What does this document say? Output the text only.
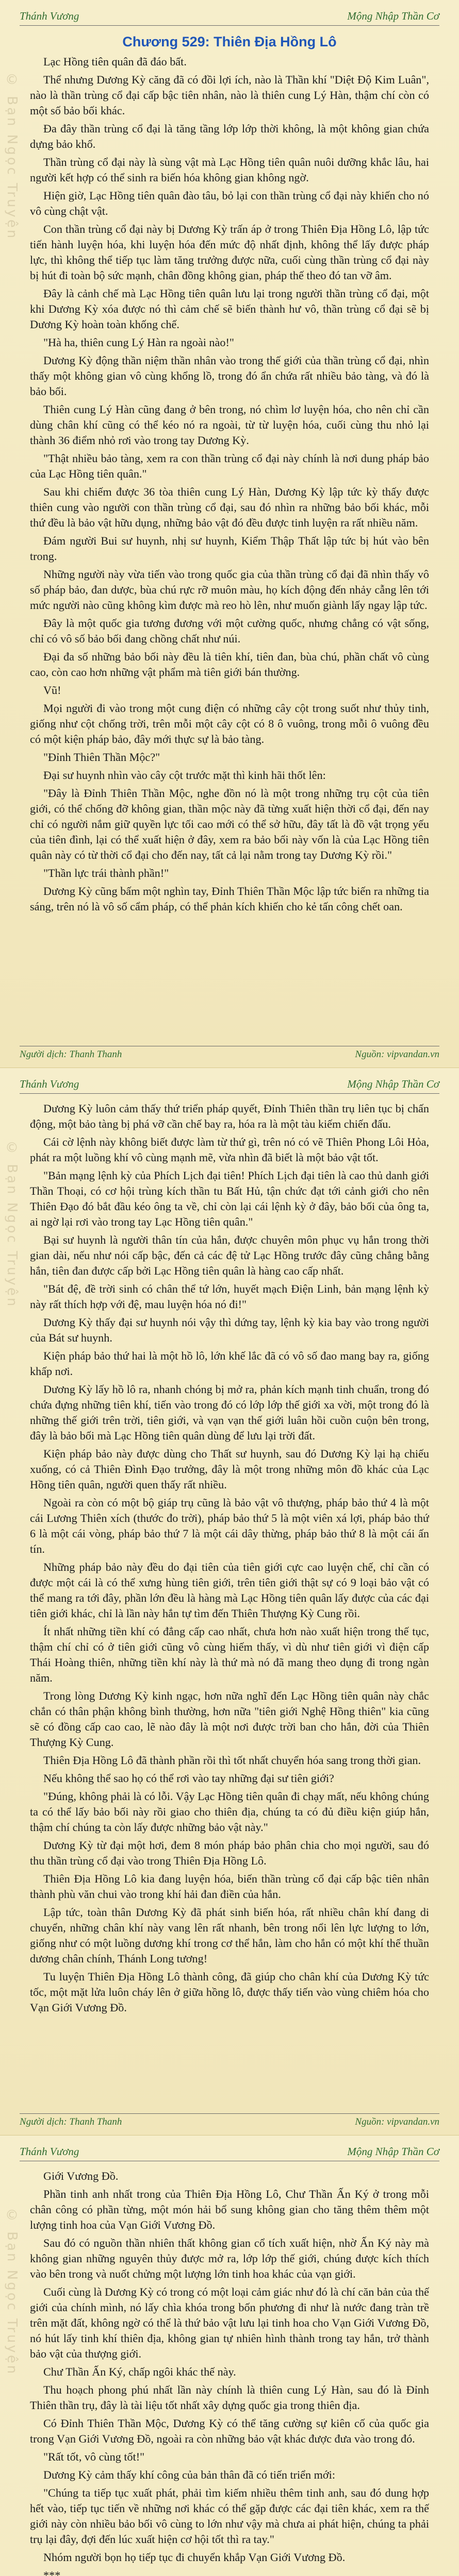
© Bạn Ngọc Truyện
Thánh Vương	Mộng Nhập Thần Cơ
Chương 529: Thiên Địa Hồng Lô

Lạc Hồng tiên quân đã đáo bất.

Thể nhưng Dương Kỳ căng đã có đồi lợi ích, nào là Thần khí "Diệt Độ Kim Luân", nào là thần trùng cổ đại cấp bậc tiên nhân, nào là thiên cung Lý Hàn, thậm chí còn có một số bảo bối khác.

Đa đây thần trùng cổ đại là tăng tầng lớp lớp thời không, là một không gian chứa dựng bảo khố.

Thần trùng cổ đại này là sùng vật mà Lạc Hồng tiên quân nuôi dưỡng khắc lâu, hai người kết hợp có thể sinh ra biến hóa không gian không ngờ.

Hiện giờ, Lạc Hồng tiên quân đào tâu, bỏ lại con thần trùng cổ đại này khiến cho nó vô cùng chật vật.

Con thần trùng cổ đại này bị Dương Kỳ trấn áp ở trong Thiên Địa Hồng Lô, lập tức tiến hành luyện hóa, khi luyện hóa đến mức độ nhất định, không thể lấy được pháp lực, thì không thể tiếp tục làm tăng trưởng được nữa, cuối cùng thần trùng cổ đại này bị hút đi toàn bộ sức mạnh, chân đồng không gian, pháp thế theo đó tan vỡ âm.

Đây là cảnh chế mà Lạc Hồng tiên quân lưu lại trong người thần trùng cổ đại, một khi Dương Kỳ xóa được nó thì cảm chế sẽ biến thành hư vô, thần trùng cổ đại sẽ bị Dương Kỳ hoàn toàn khống chế.

"Hà ha, thiên cung Lý Hàn ra ngoài nào!"

Dương Kỳ động thần niệm thần nhân vào trong thế giới của thần trùng cổ đại, nhìn thấy một không gian vô cùng khổng lồ, trong đó ẩn chứa rất nhiều bảo tàng, và đó là bảo bối.

Thiên cung Lý Hàn cũng đang ở bên trong, nó chìm lơ luyện hóa, cho nên chỉ cần dùng chân khí cũng có thể kéo nó ra ngoài, từ từ luyện hóa, cuối cùng thu nhỏ lại thành 36 điểm nhỏ rơi vào trong tay Dương Kỳ.

"Thật nhiều bảo tàng, xem ra con thần trùng cổ đại này chính là nơi dung pháp bảo của Lạc Hồng tiên quân."

Sau khi chiếm được 36 tòa thiên cung Lý Hàn, Dương Kỳ lập tức kỳ thấy được thiên cung vào người con thần trùng cổ đại, sau đó nhìn ra những bảo bối khác, mỗi thứ đều là bảo vật hữu dụng, những bảo vật đó đều được tinh luyện ra rất nhiều năm.

Đám người Bui sư huynh, nhị sư huynh, Kiểm Thập Thất lập tức bị hút vào bên trong.

Những người này vừa tiến vào trong quốc gia của thần trùng cổ đại đã nhìn thấy vô số pháp bảo, đan dược, bùa chú rực rỡ muôn màu, họ kích động đến nhảy cẫng lên tới mức người nào cũng không kìm được mà reo hò lên, như muốn giành lấy ngay lập tức.

Đây là một quốc gia tương đương với một cường quốc, nhưng chẳng có vật sống, chỉ có vô số bảo bối đang chồng chất như núi.

Đại đa số những bảo bối này đều là tiên khí, tiên đan, bùa chú, phần chất vô cùng cao, còn cao hơn những vật phẩm mà tiên giới bán thường.

Vũ!

Mọi người đi vào trong một cung điện có những cây cột trong suốt như thủy tinh, giống như cột chống trời, trên mỗi một cây cột có 8 ô vuông, trong mỗi ô vuông đều có một kiện pháp bảo, đây mới thực sự là bảo tàng.

"Đỉnh Thiên Thần Mộc?"

Đại sư huynh nhìn vào cây cột trước mặt thì kinh hãi thốt lên:

"Đây là Đỉnh Thiên Thần Mộc, nghe đồn nó là một trong những trụ cột của tiên giới, có thể chống đỡ không gian, thần mộc này đã từng xuất hiện thời cổ đại, đến nay chỉ có người nắm giữ quyền lực tối cao mới có thể sở hữu, đây tất là đồ vật trọng yếu của tiên đình, lại có thể xuất hiện ở đây, xem ra bảo bối này vốn là của Lạc Hồng tiên quân này có từ thời cổ đại cho đến nay, tất cả lại nằm trong tay Dương Kỳ rồi."

"Thần lực trái thành phần!"

Dương Kỳ cũng bấm một nghìn tay, Đỉnh Thiên Thần Mộc lập tức biến ra những tia sáng, trên nó là vô số cẩm pháp, có thể phản kích khiến cho kẻ tấn công chết oan.

Người dịch: Thanh Thanh	Nguồn: vipvandan.vn
© Bạn Ngọc Truyện
Thánh Vương	Mộng Nhập Thần Cơ

Dương Kỳ luôn cảm thấy thứ triển pháp quyết, Đỉnh Thiên thần trụ liên tục bị chấn động, một bảo tàng bị phá vỡ cần chế bay ra, hóa ra là một tàu kiếm chiến đấu.

Cái cờ lệnh này không biết được làm từ thứ gì, trên nó có vẽ Thiên Phong Lôi Hỏa, phát ra một luồng khí vô cùng mạnh mẽ, vừa nhìn đã biết là một bảo vật tốt.

"Bản mạng lệnh kỳ của Phích Lịch đại tiên! Phích Lịch đại tiên là cao thủ danh giới Thần Thoại, có cơ hội trùng kích thần tu Bất Hủ, tận chức đạt tới cảnh giới cho nên Thiên Đạo đó bắt đầu kéo ông ta về, chỉ còn lại cái lệnh kỳ ở đây, bảo bối của ông ta, ai ngờ lại rơi vào trong tay Lạc Hồng tiên quân."

Bại sư huynh là người thân tín của hắn, được chuyên môn phục vụ hắn trong thời gian dài, nếu như nói cấp bậc, đến cả các đệ tử Lạc Hồng trước đây cũng chẳng bằng hắn, tiên đan được cấp bởi Lạc Hồng tiên quân là hàng cao cấp nhất.

"Bát đệ, đề trời sinh có chân thể tứ lớn, huyết mạch Điện Linh, bản mạng lệnh kỳ này rất thích hợp với đệ, mau luyện hóa nó đi!"

Dương Kỳ thấy đại sư huynh nói vậy thì dứng tay, lệnh kỳ kia bay vào trong người của Bát sư huynh.

Kiện pháp bảo thứ hai là một hồ lô, lớn khế lắc đã có vô số đao mang bay ra, giống khấp nơi.

Dương Kỳ lấy hồ lô ra, nhanh chóng bị mở ra, phản kích mạnh tinh chuẩn, trong đó chứa đựng những tiên khí, tiến vào trong đó có lớp lớp thế giới xa vời, một trong đó là những thế giới trên trời, tiên giới, và vạn vạn thế giới luân hồi cuồn cuộn bên trong, đây là bảo bối mà Lạc Hồng tiên quân dùng để lưu lại trời đất.

Kiện pháp bảo này được dùng cho Thất sư huynh, sau đó Dương Kỳ lại hạ chiếu xuống, có cả Thiên Đình Đạo trưởng, đây là một trong những môn đồ khác của Lạc Hồng tiên quân, người quen thấy rất nhiều.

Ngoài ra còn có một bộ giáp trụ cũng là bảo vật vô thượng, pháp bảo thứ 4 là một cái Lương Thiên xích (thước đo trời), pháp bảo thứ 5 là một viên xá lợi, pháp bảo thứ 6 là một cái vòng, pháp bảo thứ 7 là một cái dây thừng, pháp bảo thứ 8 là một cái ấn tín.

Những pháp bảo này đều do đại tiên của tiên giới cực cao luyện chế, chỉ cần có được một cái là có thể xưng hùng tiên giới, trên tiên giới thật sự có 9 loại bảo vật có thể mang ra tới đây, phần lớn đều là hàng mà Lạc Hồng tiên quân lấy được của các đại tiên giới khác, chỉ là lần này hắn tự tìm đến Thiên Thượng Kỳ Cung rồi.

Ít nhất những tiền khí có đẳng cấp cao nhất, chưa hơn nào xuất hiện trong thế tục, thậm chí chỉ có ở tiên giới cũng vô cùng hiếm thấy, vì dù như tiên giới vì điện cấp Thái Hoàng thiên, những tiền khí này là thứ mà nó đã mang theo dụng đi trong ngàn năm.

Trong lòng Dương Kỳ kinh ngạc, hơn nữa nghĩ đến Lạc Hồng tiên quân này chắc chắn có thân phận không bình thường, hơn nữa "tiên giới Nghệ Hồng thiên" kia cũng sẽ có đồng cấp cao cao, lẽ nào đây là một nơi được trời ban cho hắn, đời của Thiên Thượng Kỳ Cung.

Thiên Địa Hồng Lô đã thành phần rồi thì tốt nhất chuyển hóa sang trong thời gian.

Nếu không thể sao họ có thể rơi vào tay những đại sư tiên giới?

"Đúng, không phải là có lỗi. Vậy Lạc Hồng tiên quân đi chạy mất, nếu không chúng ta có thể lấy bảo bối này rồi giao cho thiên địa, chúng ta có đủ điều kiện giúp hắn, thậm chí chúng ta còn lấy được những bảo vật này."

Dương Kỳ từ đại một hơi, đem 8 món pháp bảo phân chia cho mọi người, sau đó thu thần trùng cổ đại vào trong Thiên Địa Hồng Lô.

Thiên Địa Hồng Lô kia đang luyện hóa, biến thần trùng cổ đại cấp bậc tiên nhân thành phù văn chui vào trong khí hải đan điền của hắn.

Lập tức, toàn thân Dương Kỳ đã phát sinh biến hóa, rất nhiều chân khí đang di chuyển, những chân khí này vang lên rất nhanh, bên trong nổi lên lực lượng to lớn, giống như có một luồng dương khí trong cơ thể hắn, làm cho hắn có một khí thế thuần dương chân chính, Thánh Long tương!

Tu luyện Thiên Địa Hồng Lô thành công, đã giúp cho chân khí của Dương Kỳ tức tốc, một mặt lửa luôn cháy lên ở giữa hồng lô, được thấy tiến vào vùng chiêm hóa cho Vạn Giới Vương Đồ.

Người dịch: Thanh Thanh	Nguồn: vipvandan.vn
© Bạn Ngọc Truyện
Thánh Vương	Mộng Nhập Thần Cơ

Giới Vương Đồ.

Phần tinh anh nhất trong của Thiên Địa Hồng Lô, Chư Thần Ấn Ký ở trong mỗi chân công có phần từng, một món hải bổ sung không gian cho tăng thêm thêm một lượng tinh hoa của Vạn Giới Vương Đồ.

Sau đó có nguồn thần nhiên thất không gian cổ tích xuất hiện, nhờ Ấn Ký này mà không gian những nguyên thủy được mở ra, lớp lớp thế giới, chúng được kích thích vào bên trong và nuốt chửng một lượng lớn tinh hoa khác của vạn giới.

Cuối cùng là Dương Kỳ có trong có một loại cảm giác như đó là chí căn bản của thế giới của chính mình, nó lấy chìa khóa trong bốn phương đi như là nước đang tràn trề trên mặt đất, không ngờ có thể là thứ bảo vật lưu lại tinh hoa cho Vạn Giới Vương Đồ, nó hút lấy tinh khí thiên địa, không gian tự nhiên hình thành trong tay hắn, trở thành bảo vật của thượng giới.

Chư Thần Ấn Ký, chấp ngôi khác thế này.

Thu hoạch phong phú nhất lần này chính là thiên cung Lý Hàn, sau đó là Đỉnh Thiên thần trụ, đây là tài liệu tốt nhất xây dựng quốc gia trong thiên địa.

Có Đỉnh Thiên Thần Mộc, Dương Kỳ có thể tăng cường sự kiên cố của quốc gia trong Vạn Giới Vương Đồ, ngoài ra còn những bảo vật khác được đưa vào trong đó.

"Rất tốt, vô cùng tốt!"

Dương Kỳ cảm thấy khí công của bản thân đã có tiến triển mới:

"Chúng ta tiếp tục xuất phát, phải tìm kiếm nhiều thêm tinh anh, sau đó dung hợp hết vào, tiếp tục tiến về những nơi khác có thể gặp được các đại tiên khác, xem ra thế giới này còn nhiều bảo bối vô cùng to lớn như vậy mà chưa ai phát hiện, chúng ta phải trụ lại đây, đợi đến lúc xuất hiện cơ hội tốt thì ra tay."

Nhóm người bọn họ tiếp tục đi chuyển khắp Vạn Giới Vương Đồ.

***
